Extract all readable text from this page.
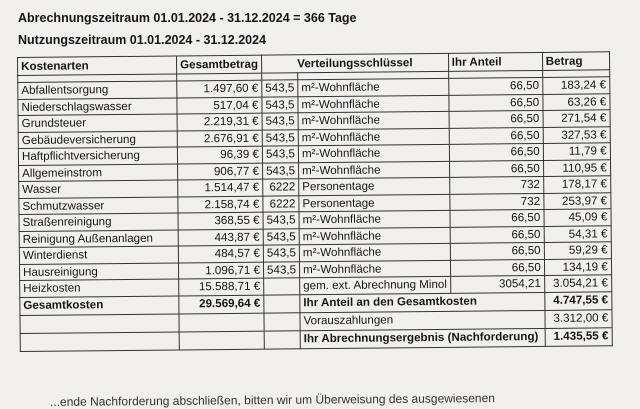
Abrechnungszeitraum 01.01.2024 - 31.12.2024 = 366 Tage
Nutzungszeitraum 01.01.2024 - 31.12.2024
Kostenarten	Gesamtbetrag	Verteilungsschlüssel		Ihr Anteil	Betrag

Abfallentsorgung	1.497,60 €	543,5	m²-Wohnfläche	66,50	183,24 €
Niederschlagswasser	517,04 €	543,5	m²-Wohnfläche	66,50	63,26 €
Grundsteuer	2.219,31 €	543,5	m²-Wohnfläche	66,50	271,54 €
Gebäudeversicherung	2.676,91 €	543,5	m²-Wohnfläche	66,50	327,53 €
Haftpflichtversicherung	96,39 €	543,5	m²-Wohnfläche	66,50	11,79 €
Allgemeinstrom	906,77 €	543,5	m²-Wohnfläche	66,50	110,95 €
Wasser	1.514,47 €	6222	Personentage	732	178,17 €
Schmutzwasser	2.158,74 €	6222	Personentage	732	253,97 €
Straßenreinigung	368,55 €	543,5	m²-Wohnfläche	66,50	45,09 €
Reinigung Außenanlagen	443,87 €	543,5	m²-Wohnfläche	66,50	54,31 €
Winterdienst	484,57 €	543,5	m²-Wohnfläche	66,50	59,29 €
Hausreinigung	1.096,71 €	543,5	m²-Wohnfläche	66,50	134,19 €
Heizkosten	15.588,71 €		gem. ext. Abrechnung Minol	3054,21	3.054,21 €
Gesamtkosten	29.569,64 €		Ihr Anteil an den Gesamtkosten		4.747,55 €
			Vorauszahlungen		3.312,00 €
			Ihr Abrechnungsergebnis (Nachforderung)		1.435,55 €
...ende Nachforderung abschließen, bitten wir um Überweisung des ausgewiesenen
